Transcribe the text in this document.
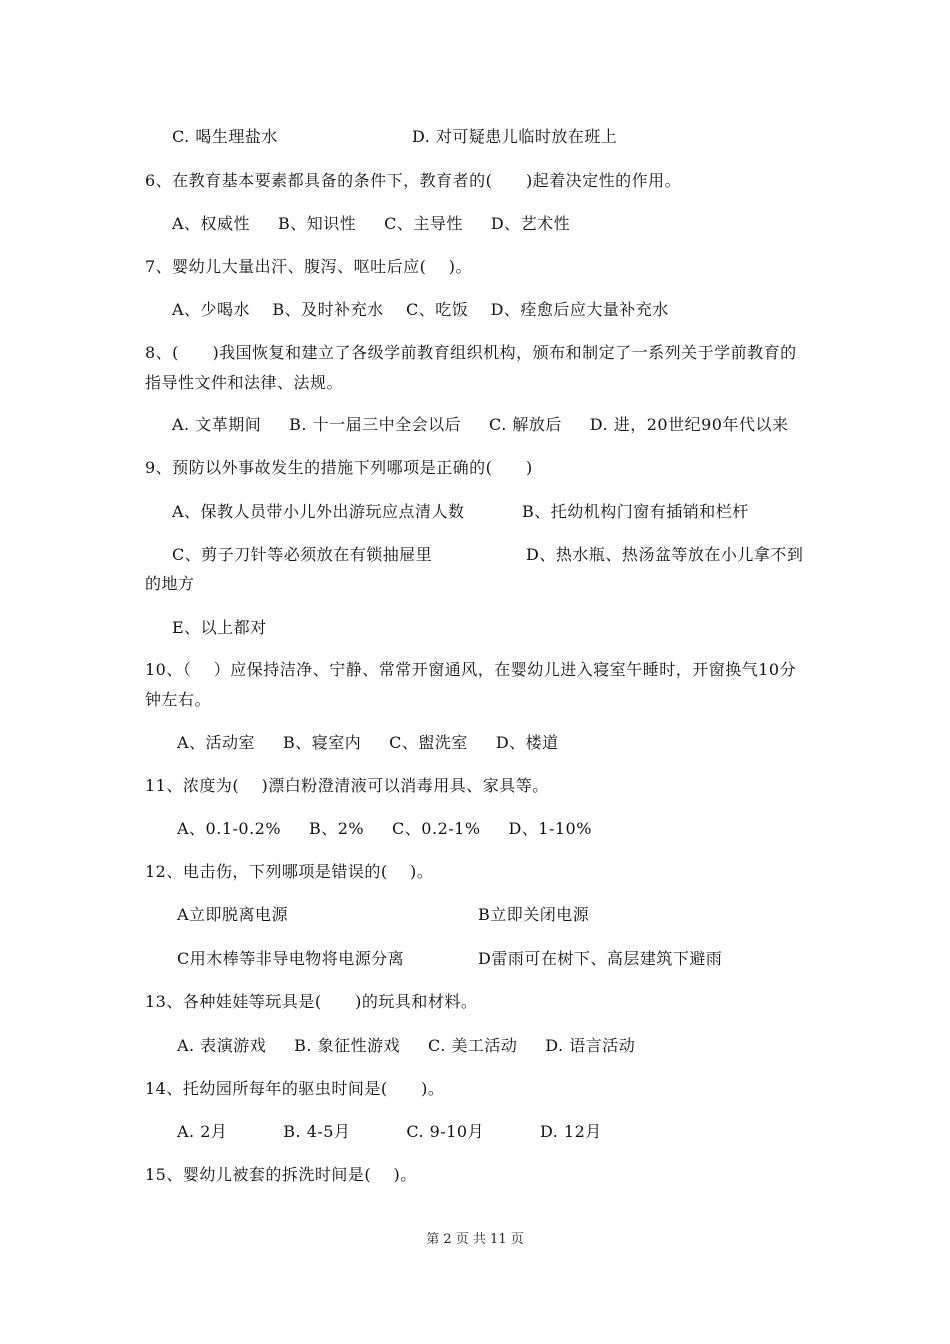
C. 喝生理盐水	D. 对可疑患儿临时放在班上
6、在教育基本要素都具备的条件下，教育者的(      )起着决定性的作用。
A、权威性     B、知识性     C、主导性     D、艺术性
7、婴幼儿大量出汗、腹泻、呕吐后应(    )。
A、少喝水    B、及时补充水    C、吃饭    D、痊愈后应大量补充水
8、(      )我国恢复和建立了各级学前教育组织机构，颁布和制定了一系列关于学前教育的
指导性文件和法律、法规。
A. 文革期间     B. 十一届三中全会以后     C. 解放后     D. 进，20世纪90年代以来
9、预防以外事故发生的措施下列哪项是正确的(      )
A、保教人员带小儿外出游玩应点清人数	B、托幼机构门窗有插销和栏杆
C、剪子刀针等必须放在有锁抽屉里	D、热水瓶、热汤盆等放在小儿拿不到
的地方
E、以上都对
10、（    ）应保持洁净、宁静、常常开窗通风，在婴幼儿进入寝室午睡时，开窗换气10分
钟左右。
A、活动室     B、寝室内     C、盥洗室     D、楼道
11、浓度为(    )漂白粉澄清液可以消毒用具、家具等。
A、0.1-0.2%     B、2%     C、0.2-1%     D、1-10%
12、电击伤，下列哪项是错误的(    )。
A立即脱离电源	B立即关闭电源
C用木棒等非导电物将电源分离	D雷雨可在树下、高层建筑下避雨
13、各种娃娃等玩具是(      )的玩具和材料。
A. 表演游戏     B. 象征性游戏     C. 美工活动     D. 语言活动
14、托幼园所每年的驱虫时间是(      )。
A. 2月          B. 4-5月          C. 9-10月          D. 12月
15、婴幼儿被套的拆洗时间是(    )。
第 2 页 共 11 页
